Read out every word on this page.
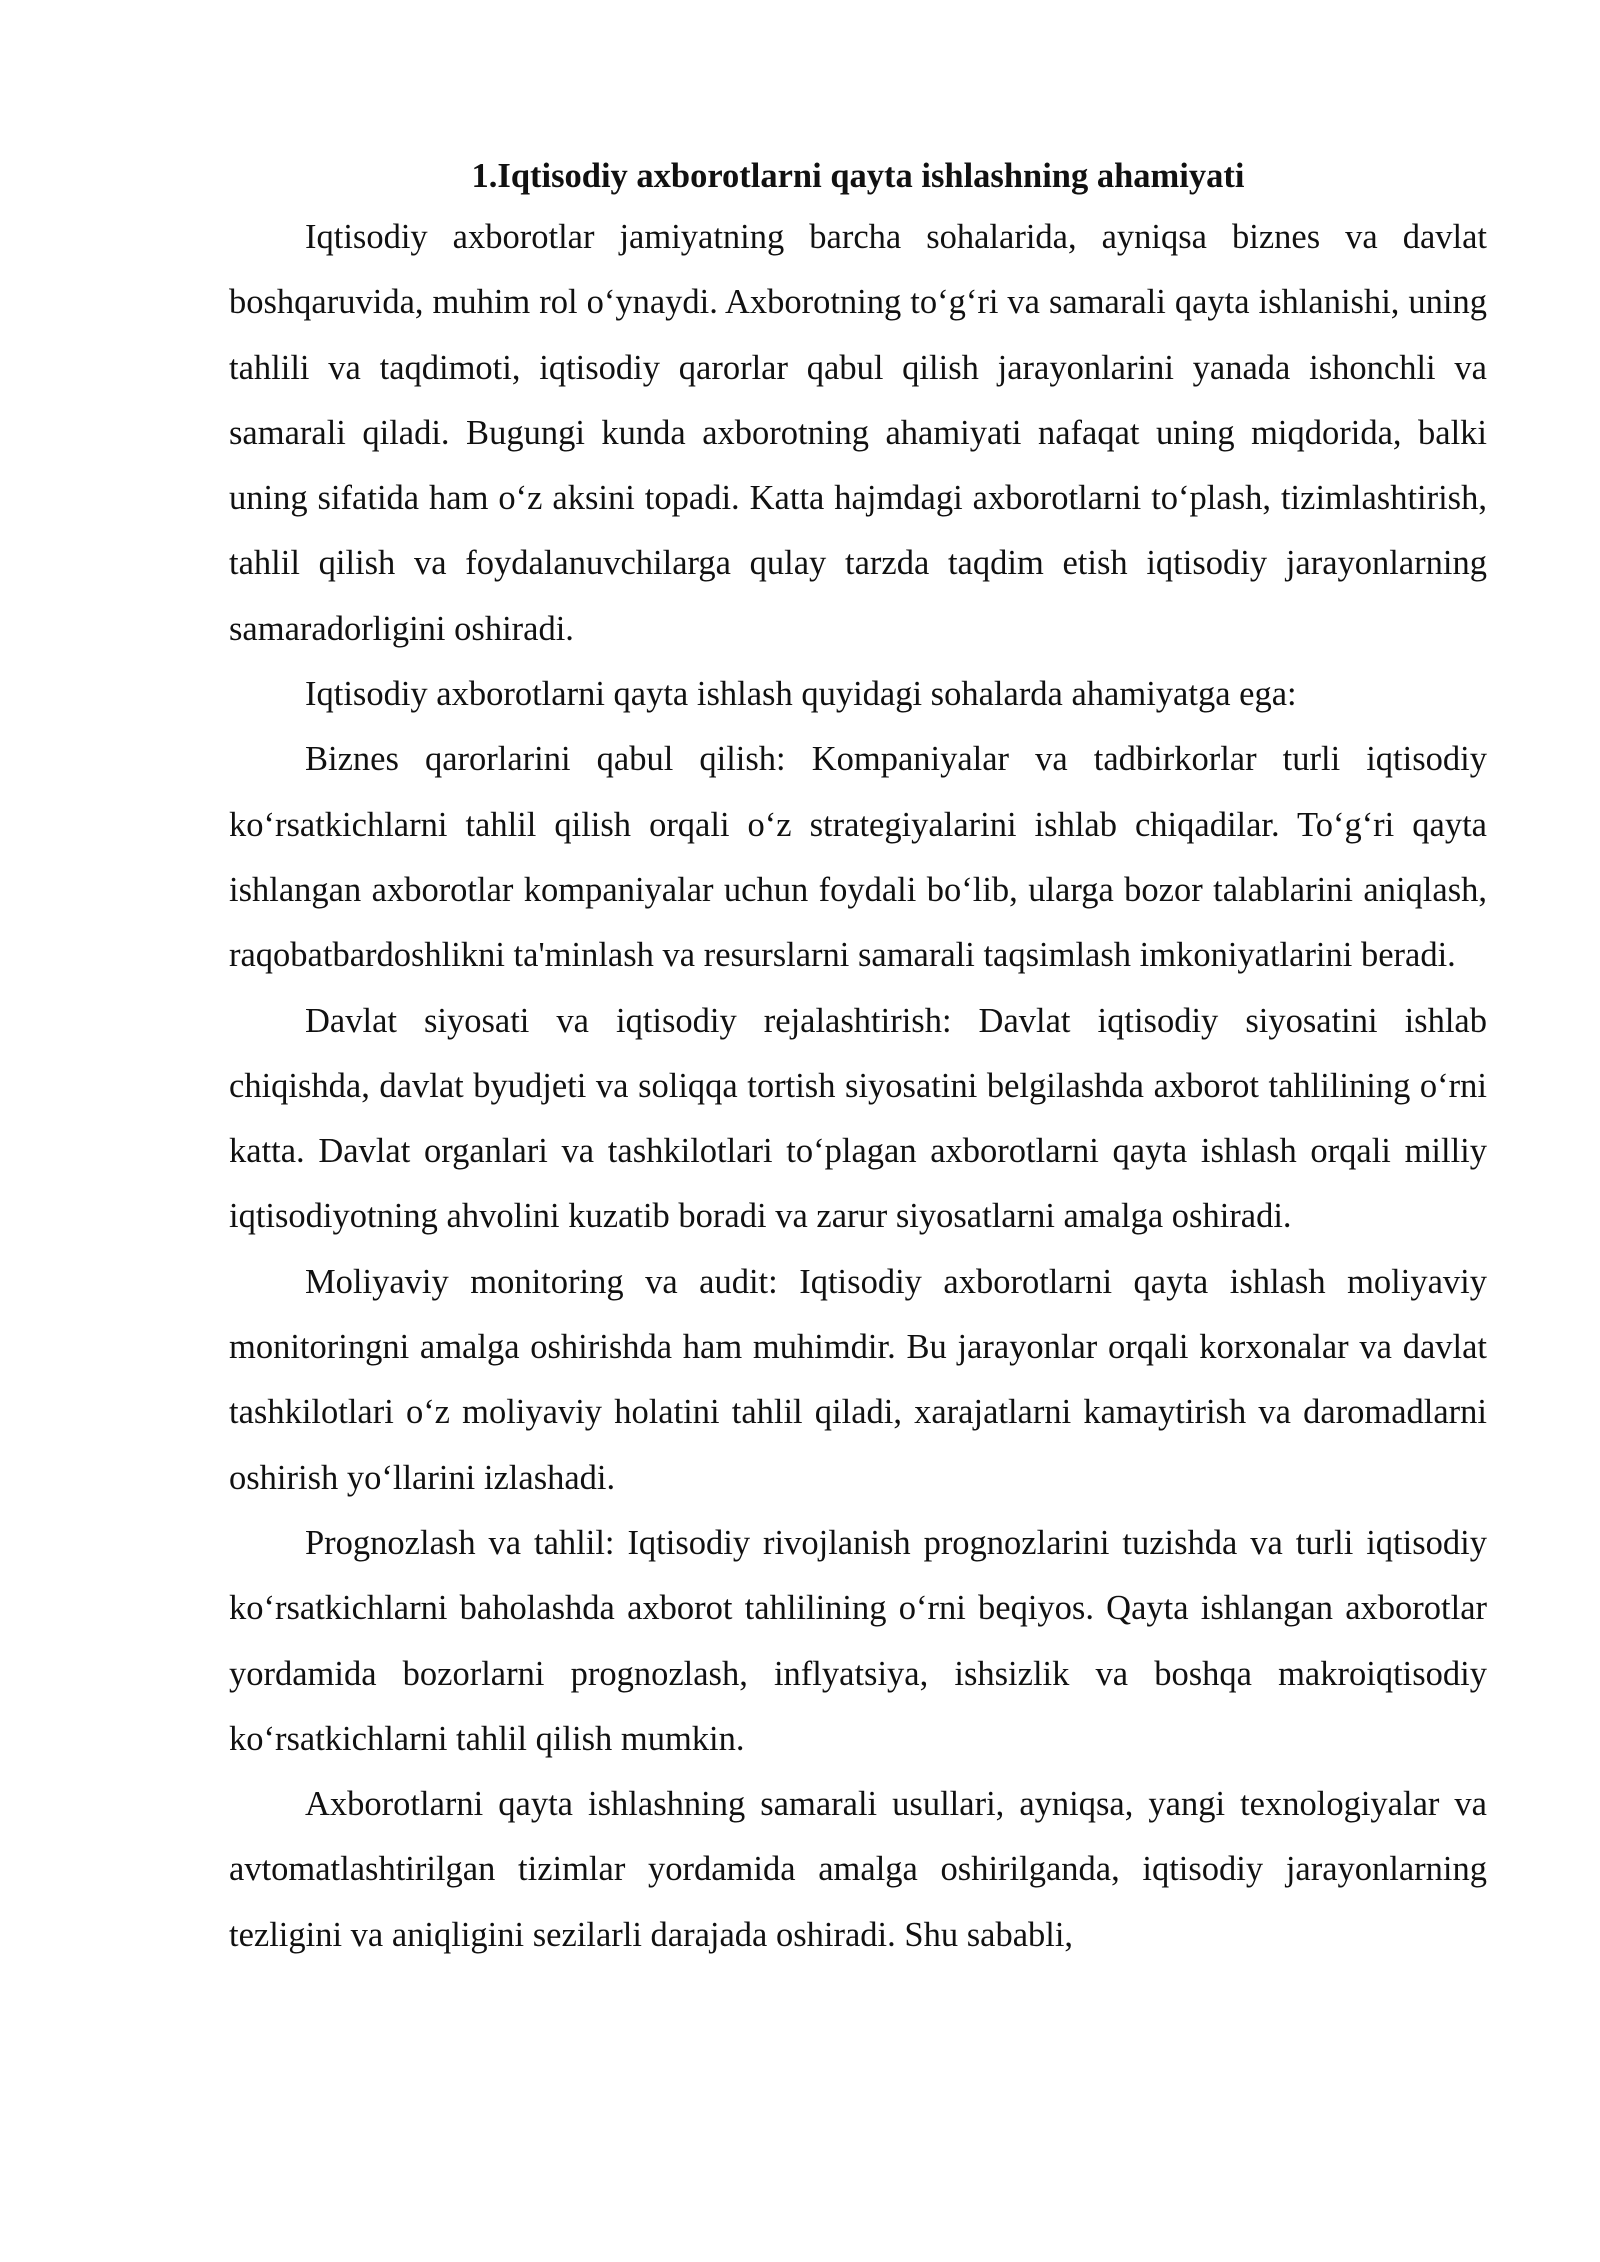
1.Iqtisodiy axborotlarni qayta ishlashning ahamiyati

Iqtisodiy axborotlar jamiyatning barcha sohalarida, ayniqsa biznes va davlat boshqaruvida, muhim rol o‘ynaydi. Axborotning to‘g‘ri va samarali qayta ishlanishi, uning tahlili va taqdimoti, iqtisodiy qarorlar qabul qilish jarayonlarini yanada ishonchli va samarali qiladi. Bugungi kunda axborotning ahamiyati nafaqat uning miqdorida, balki uning sifatida ham o‘z aksini topadi. Katta hajmdagi axborotlarni to‘plash, tizimlashtirish, tahlil qilish va foydalanuvchilarga qulay tarzda taqdim etish iqtisodiy jarayonlarning samaradorligini oshiradi.

Iqtisodiy axborotlarni qayta ishlash quyidagi sohalarda ahamiyatga ega:

Biznes qarorlarini qabul qilish: Kompaniyalar va tadbirkorlar turli iqtisodiy ko‘rsatkichlarni tahlil qilish orqali o‘z strategiyalarini ishlab chiqadilar. To‘g‘ri qayta ishlangan axborotlar kompaniyalar uchun foydali bo‘lib, ularga bozor talablarini aniqlash, raqobatbardoshlikni ta'minlash va resurslarni samarali taqsimlash imkoniyatlarini beradi.

Davlat siyosati va iqtisodiy rejalashtirish: Davlat iqtisodiy siyosatini ishlab chiqishda, davlat byudjeti va soliqqa tortish siyosatini belgilashda axborot tahlilining o‘rni katta. Davlat organlari va tashkilotlari to‘plagan axborotlarni qayta ishlash orqali milliy iqtisodiyotning ahvolini kuzatib boradi va zarur siyosatlarni amalga oshiradi.

Moliyaviy monitoring va audit: Iqtisodiy axborotlarni qayta ishlash moliyaviy monitoringni amalga oshirishda ham muhimdir. Bu jarayonlar orqali korxonalar va davlat tashkilotlari o‘z moliyaviy holatini tahlil qiladi, xarajatlarni kamaytirish va daromadlarni oshirish yo‘llarini izlashadi.

Prognozlash va tahlil: Iqtisodiy rivojlanish prognozlarini tuzishda va turli iqtisodiy ko‘rsatkichlarni baholashda axborot tahlilining o‘rni beqiyos. Qayta ishlangan axborotlar yordamida bozorlarni prognozlash, inflyatsiya, ishsizlik va boshqa makroiqtisodiy ko‘rsatkichlarni tahlil qilish mumkin.

Axborotlarni qayta ishlashning samarali usullari, ayniqsa, yangi texnologiyalar va avtomatlashtirilgan tizimlar yordamida amalga oshirilganda, iqtisodiy jarayonlarning tezligini va aniqligini sezilarli darajada oshiradi. Shu sababli,
